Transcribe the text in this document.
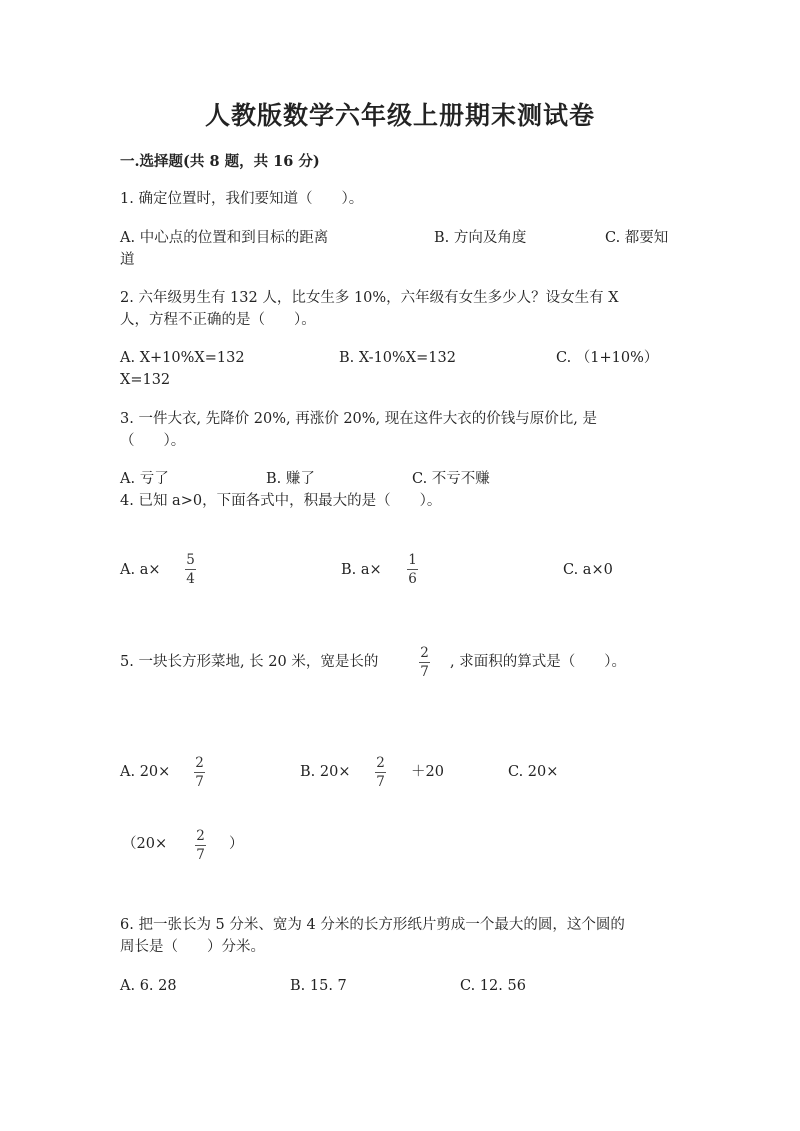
人教版数学六年级上册期末测试卷
一.选择题(共 8 题，共 16 分)
1. 确定位置时，我们要知道（　　）。
A. 中心点的位置和到目标的距离	B. 方向及角度	C. 都要知
道
2. 六年级男生有 132 人，比女生多 10%，六年级有女生多少人？设女生有 X
人，方程不正确的是（　　）。
A. X+10%X=132	B. X-10%X=132	C. （1+10%）
X=132
3. 一件大衣, 先降价 20%, 再涨价 20%, 现在这件大衣的价钱与原价比, 是
（　　）。
A. 亏了	B. 赚了	C. 不亏不赚
4. 已知 a>0，下面各式中，积最大的是（　　）。
A. a×
5
4
B. a×
1
6
C. a×0
5. 一块长方形菜地, 长 20 米，宽是长的
2
7
, 求面积的算式是（　　）。
A. 20×
2
7
B. 20×
2
7
＋20	C. 20×
（20× 2
7
）
6. 把一张长为 5 分米、宽为 4 分米的长方形纸片剪成一个最大的圆，这个圆的
周长是（　　）分米。
A. 6. 28	B. 15. 7	C. 12. 56
